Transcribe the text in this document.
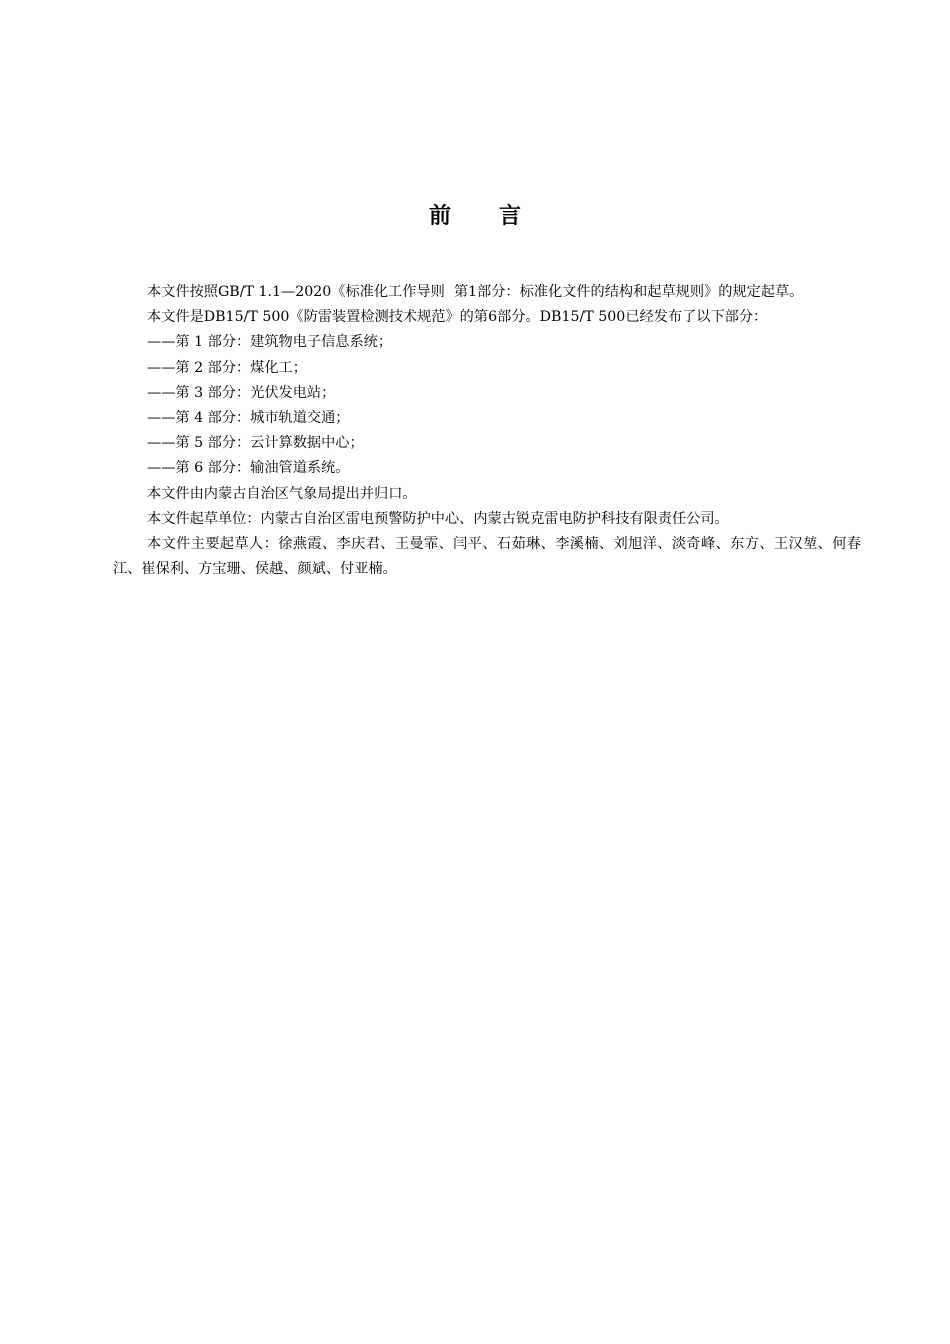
前言

本文件按照GB/T 1.1—2020《标准化工作导则  第1部分：标准化文件的结构和起草规则》的规定起草。

本文件是DB15/T 500《防雷装置检测技术规范》的第6部分。DB15/T 500已经发布了以下部分：

——第 1 部分：建筑物电子信息系统；

——第 2 部分：煤化工；

——第 3 部分：光伏发电站；

——第 4 部分：城市轨道交通；

——第 5 部分：云计算数据中心；

——第 6 部分：输油管道系统。

本文件由内蒙古自治区气象局提出并归口。

本文件起草单位：内蒙古自治区雷电预警防护中心、内蒙古锐克雷电防护科技有限责任公司。

本文件主要起草人：徐燕霞、李庆君、王曼霏、闫平、石茹琳、李溪楠、刘旭洋、淡奇峰、东方、王汉堃、何春江、崔保利、方宝珊、侯越、颜斌、付亚楠。
